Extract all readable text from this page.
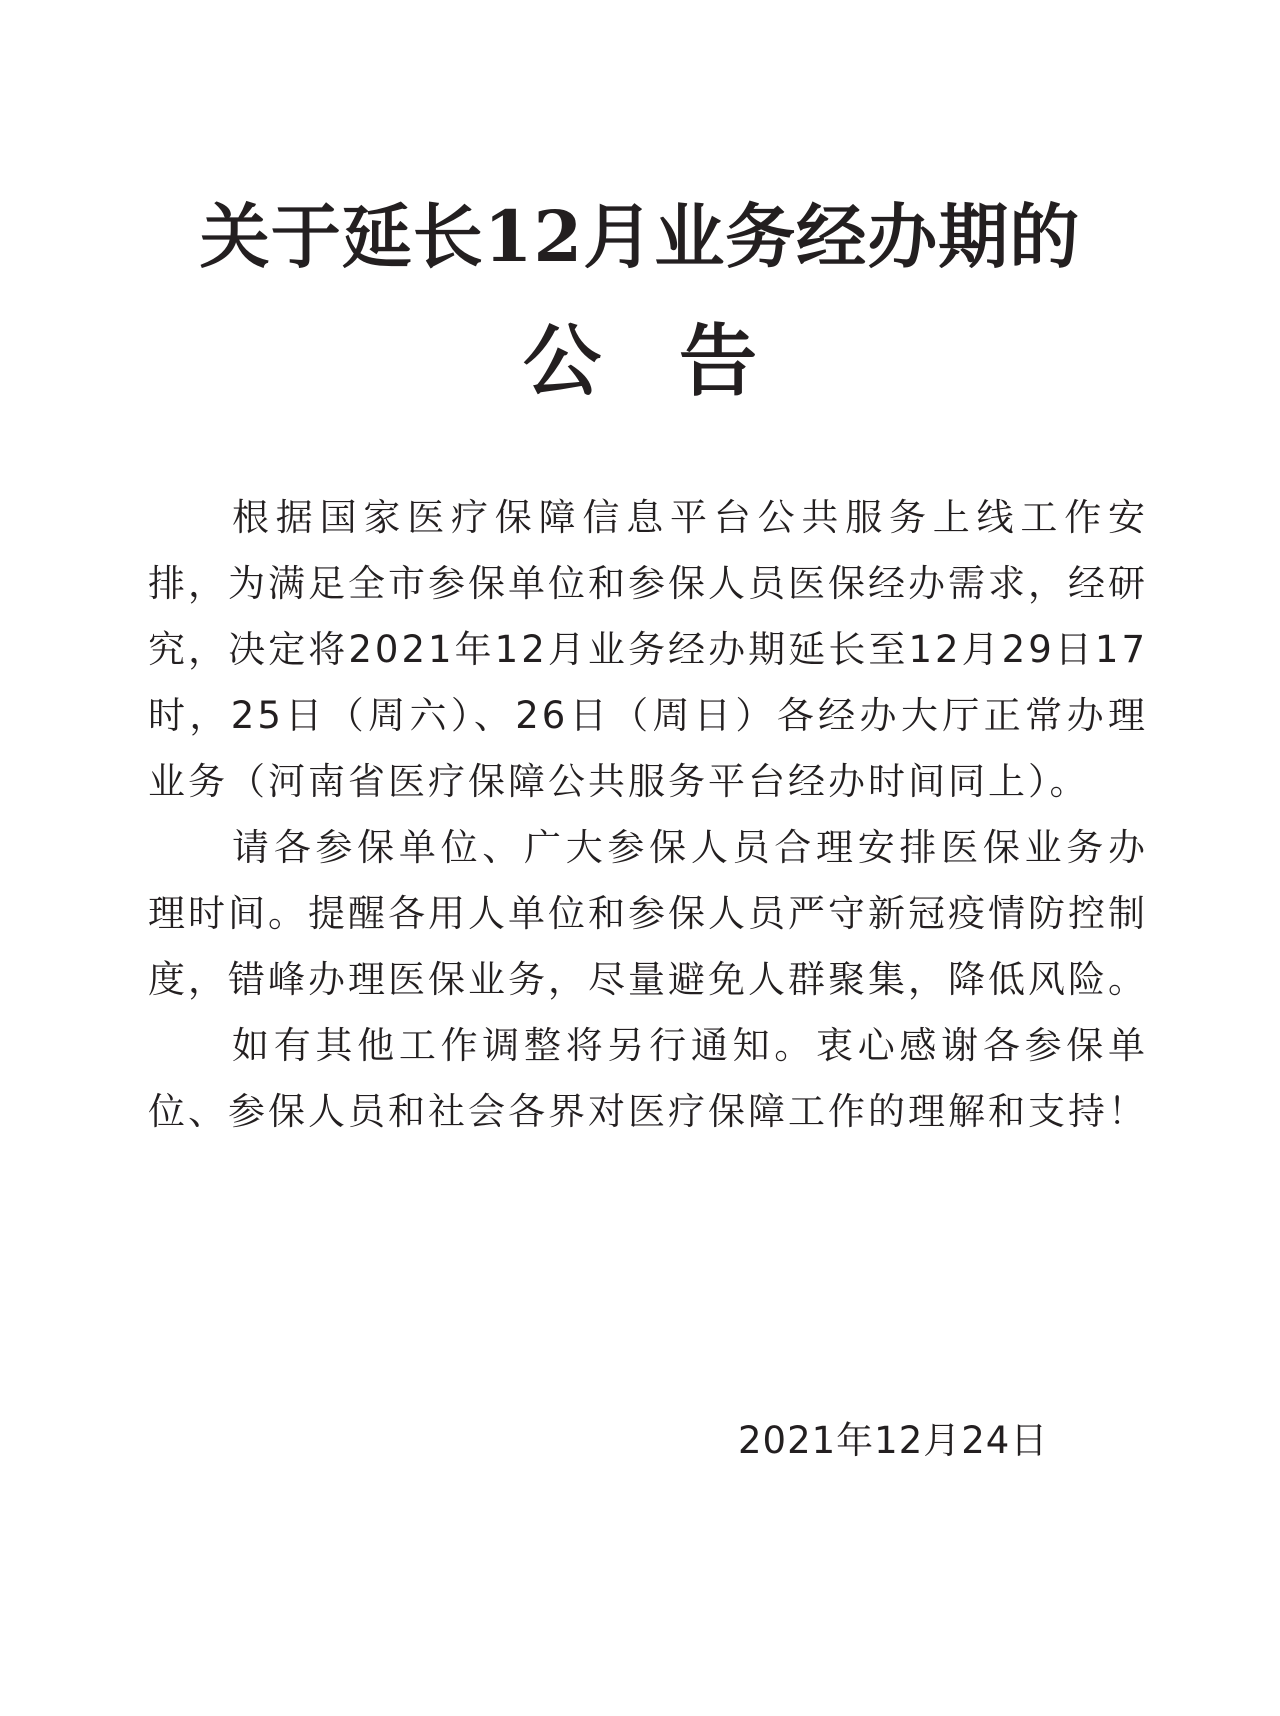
关于延长12月业务经办期的
公　告

根据国家医疗保障信息平台公共服务上线工作安排，为满足全市参保单位和参保人员医保经办需求，经研究，决定将2021年12月业务经办期延长至12月29日17时，25日（周六）、26日（周日）各经办大厅正常办理业务（河南省医疗保障公共服务平台经办时间同上）。

请各参保单位、广大参保人员合理安排医保业务办理时间。提醒各用人单位和参保人员严守新冠疫情防控制度，错峰办理医保业务，尽量避免人群聚集，降低风险。

如有其他工作调整将另行通知。衷心感谢各参保单位、参保人员和社会各界对医疗保障工作的理解和支持！

2021年12月24日
